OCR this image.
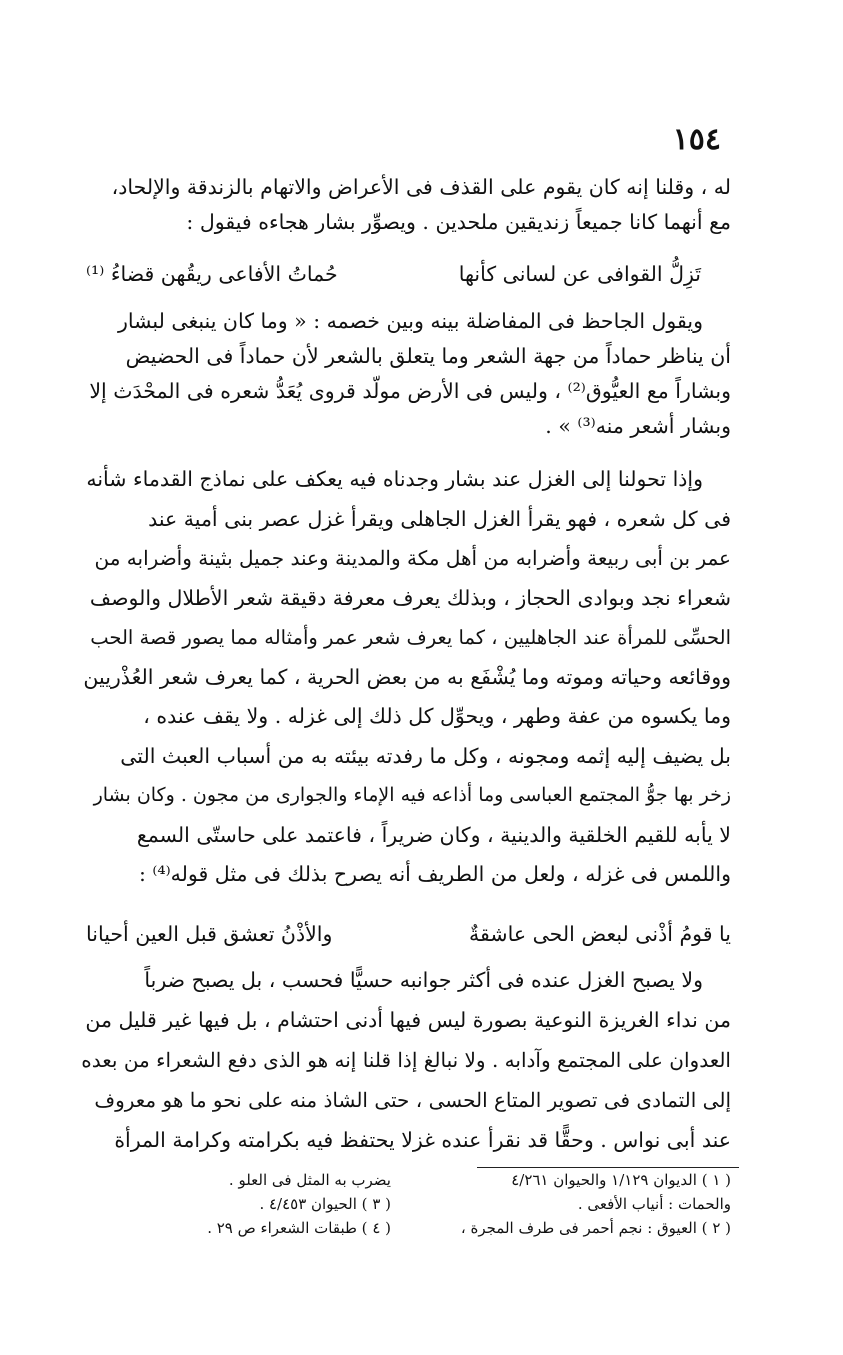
١٥٤
له ، وقلنا إنه كان يقوم على القذف فى الأعراض والاتهام بالزندقة والإلحاد،
مع أنهما كانا جميعاً زنديقين ملحدين . ويصوِّر بشار هجاءه فيقول :
تَزِلُّ القوافى عن لسانى كأنها
حُماتُ الأفاعى ريقُهن قضاءُ ⁽¹⁾
ويقول الجاحظ فى المفاضلة بينه وبين خصمه : « وما كان ينبغى لبشار
أن يناظر حماداً من جهة الشعر وما يتعلق بالشعر لأن حماداً فى الحضيض
وبشاراً مع العيُّوق⁽²⁾ ، وليس فى الأرض مولّد قروى يُعَدُّ شعره فى المحْدَث إلا
وبشار أشعر منه⁽³⁾ » .
وإذا تحولنا إلى الغزل عند بشار وجدناه فيه يعكف على نماذج القدماء شأنه
فى كل شعره ، فهو يقرأ الغزل الجاهلى ويقرأ غزل عصر بنى أمية عند
عمر بن أبى ربيعة وأضرابه من أهل مكة والمدينة وعند جميل بثينة وأضرابه من
شعراء نجد وبوادى الحجاز ، وبذلك يعرف معرفة دقيقة شعر الأطلال والوصف
الحسِّى للمرأة عند الجاهليين ، كما يعرف شعر عمر وأمثاله مما يصور قصة الحب
ووقائعه وحياته وموته وما يُشْفَع به من بعض الحرية ، كما يعرف شعر العُذْريين
وما يكسوه من عفة وطهر ، ويحوِّل كل ذلك إلى غزله . ولا يقف عنده ،
بل يضيف إليه إثمه ومجونه ، وكل ما رفدته بيئته به من أسباب العبث التى
زخر بها جوُّ المجتمع العباسى وما أذاعه فيه الإماء والجوارى من مجون . وكان بشار
لا يأبه للقيم الخلقية والدينية ، وكان ضريراً ، فاعتمد على حاستّى السمع
واللمس فى غزله ، ولعل من الطريف أنه يصرح بذلك فى مثل قوله⁽⁴⁾ :
يا قومُ أذْنى لبعض الحى عاشقةٌ
والأذْنُ تعشق قبل العين أحيانا
ولا يصبح الغزل عنده فى أكثر جوانبه حسيًّا فحسب ، بل يصبح ضرباً
من نداء الغريزة النوعية بصورة ليس فيها أدنى احتشام ، بل فيها غير قليل من
العدوان على المجتمع وآدابه . ولا نبالغ إذا قلنا إنه هو الذى دفع الشعراء من بعده
إلى التمادى فى تصوير المتاع الحسى ، حتى الشاذ منه على نحو ما هو معروف
عند أبى نواس . وحقًّا قد نقرأ عنده غزلا يحتفظ فيه بكرامته وكرامة المرأة
( ١ ) الديوان ١/١٢٩ والحيوان ٤/٢٦١
يضرب به المثل فى العلو .
والحمات : أنياب الأفعى .
( ٣ ) الحيوان ٤/٤٥٣ .
( ٢ ) العيوق : نجم أحمر فى طرف المجرة ،
( ٤ ) طبقات الشعراء ص ٢٩ .
